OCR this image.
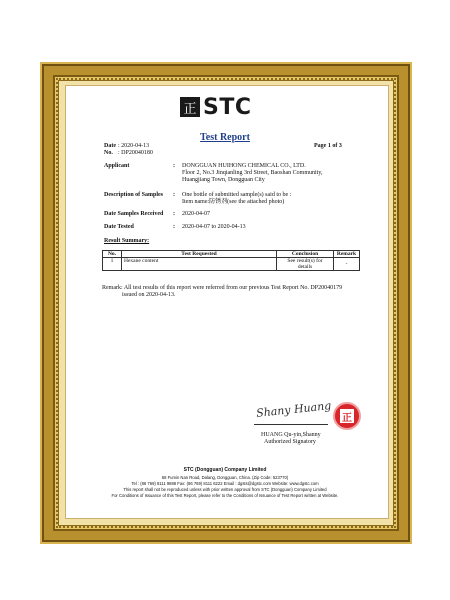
正 STC
Test Report
Date : 2020-04-13
No. : DP20040180
Page 1 of 3
Applicant	: DONGGUAN HUIHONG CHEMICAL CO., LTD.
Floor 2, No.3 Jinqianling 3rd Street, Baoshan Community,
Huangjiang Town, Dongguan City
Description of Samples : One bottle of submitted sample(s) said to be :
Item name:防锈剂(see the attached photo)
Date Samples Received : 2020-04-07
Date Tested	: 2020-04-07 to 2020-04-13
Result Summary:
No.	Test Requested	Conclusion	Remark
1	Hexane content	See result(s) for
details	-
Remark: All test results of this report were referred from our previous Test Report No. DP20040179
issued on 2020-04-13.
Shany Huang 正
HUANG Qu-yin,Shanny
Authorized Signatory
STC (Dongguan) Company Limited
68 Fumin Nan Road, Dalang, Dongguan, China. (Zip Code: 523770)
Tel : (86 769) 8111 9888 Fax: (86 769) 8111 6222 Email : dgsts@dgstc.com Website: www.dgstc.com
This report shall not be reproduced unless with prior written approval from STC (Dongguan) Company Limited
For Conditions of Issuance of this Test Report, please refer to the Conditions of Issuance of Test Report written at Website.
